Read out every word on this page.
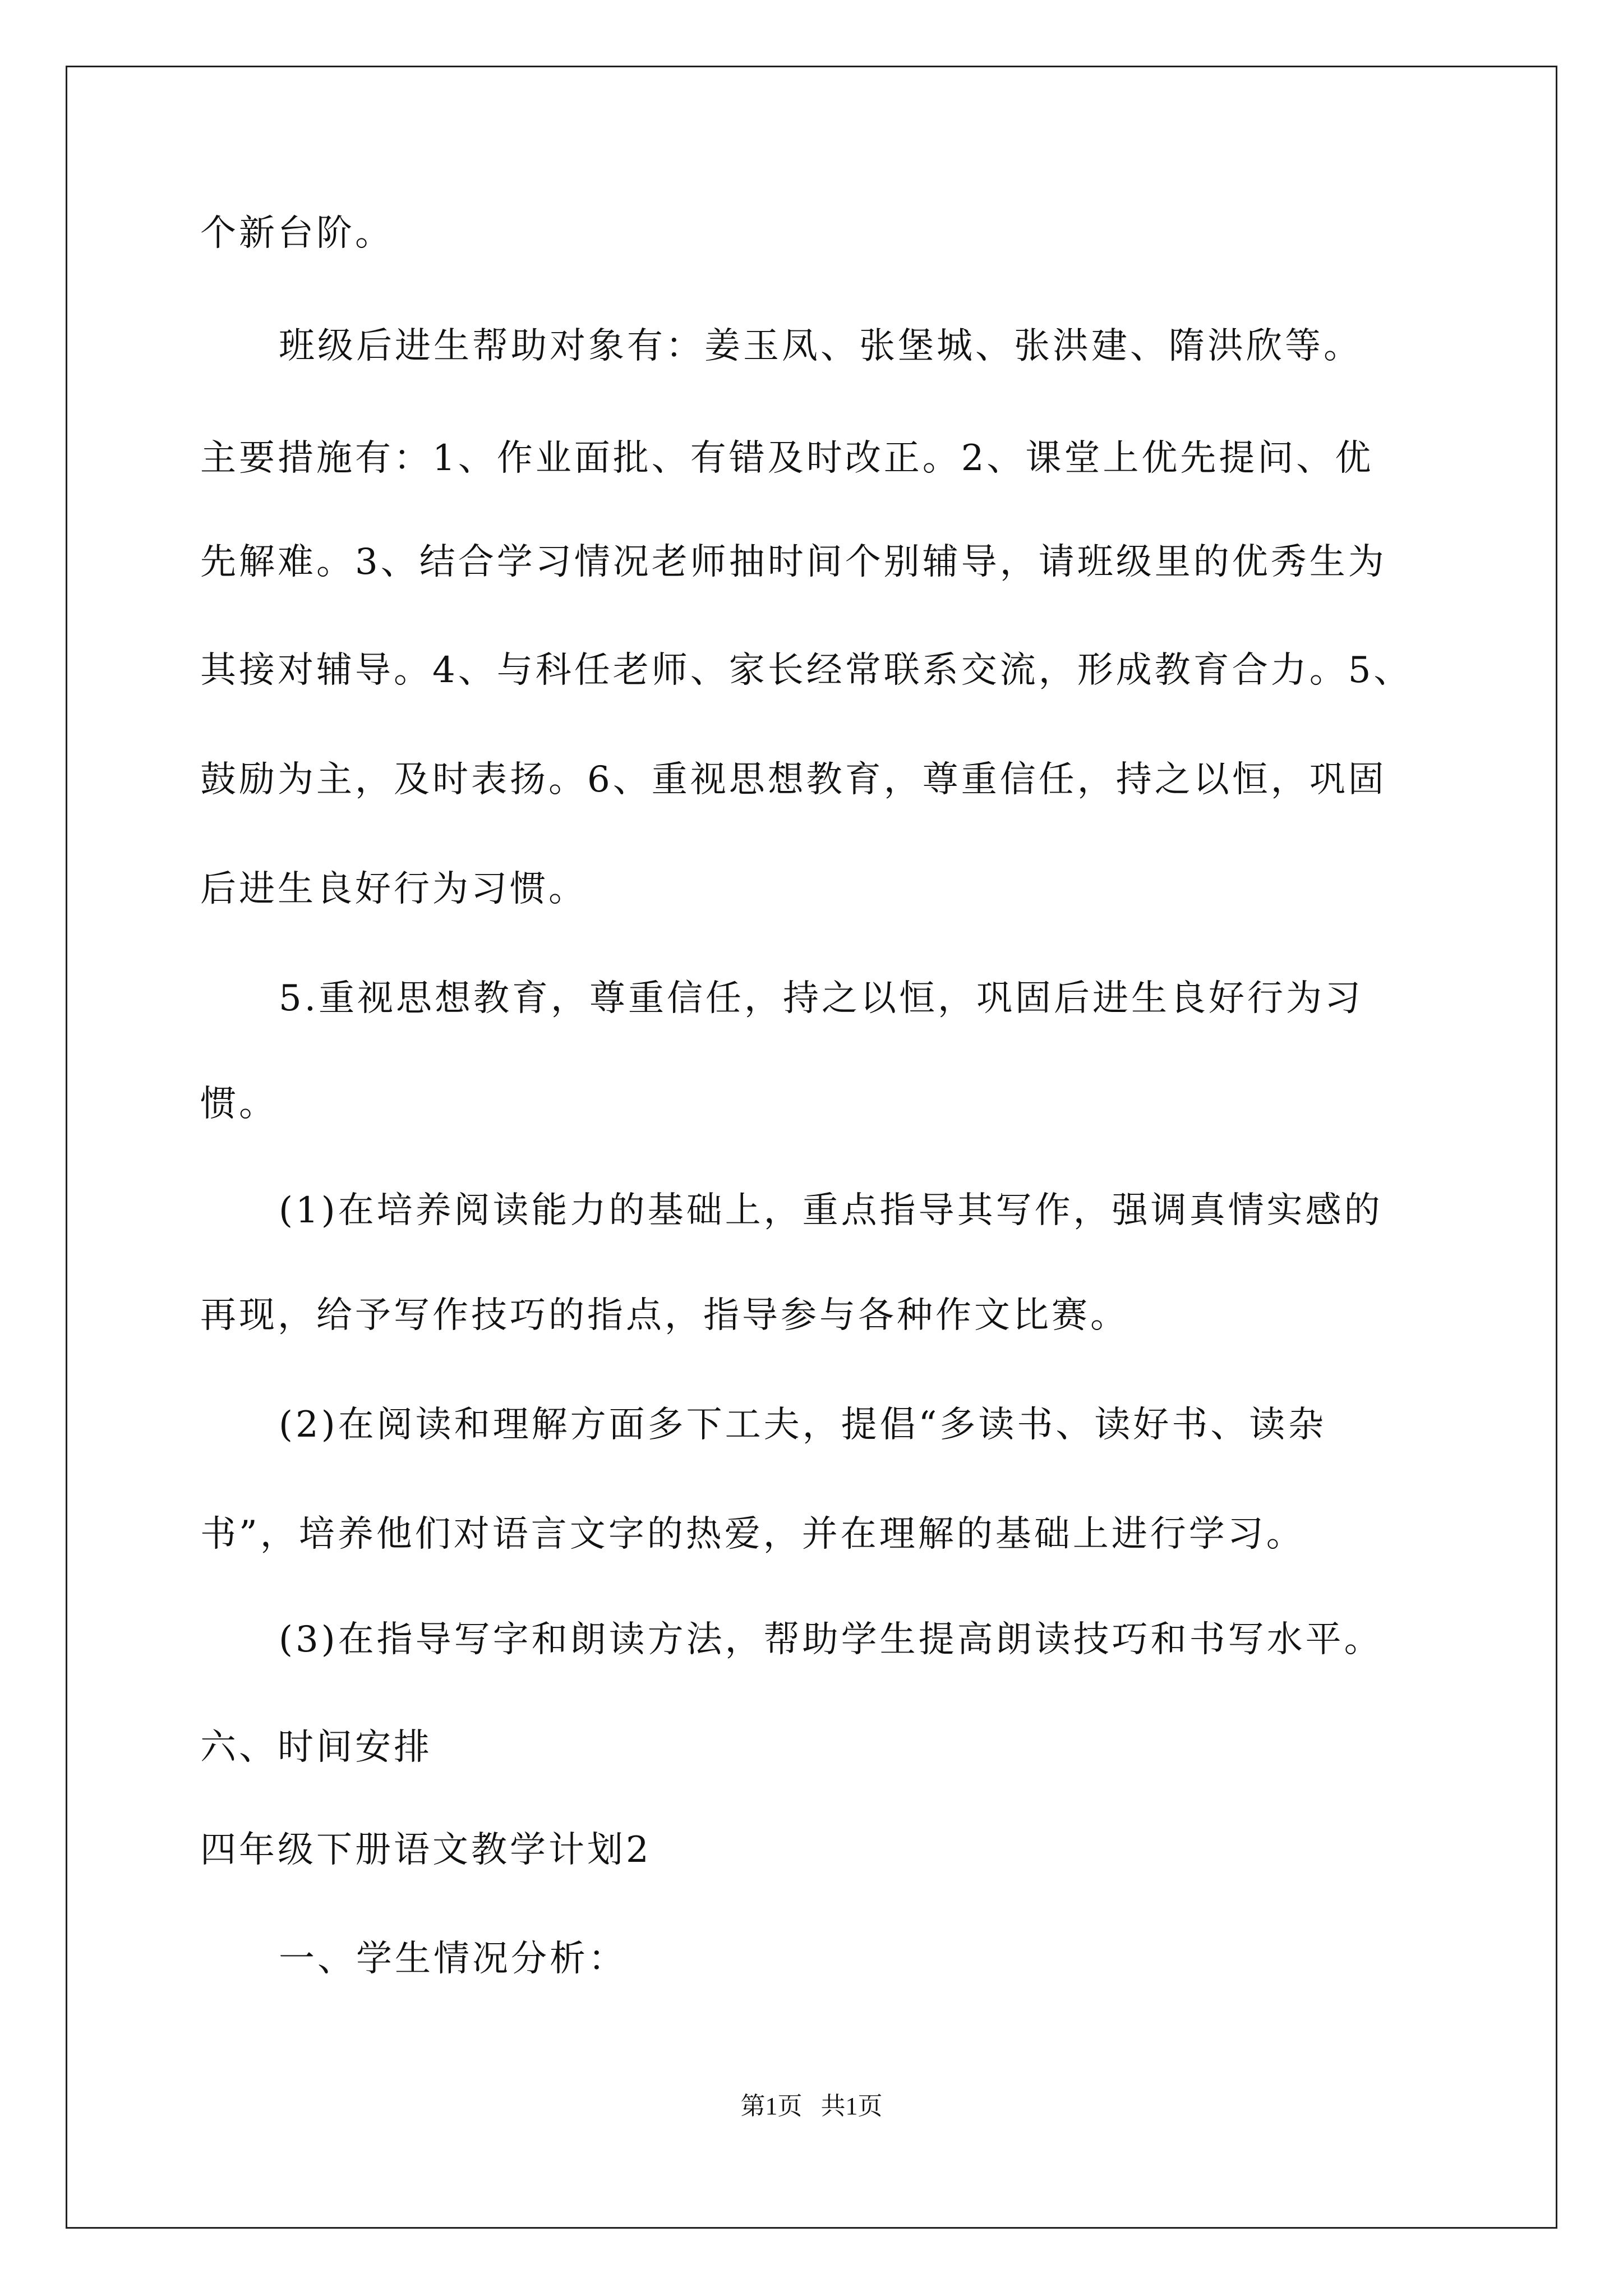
个新台阶。
班级后进生帮助对象有：姜玉凤、张堡城、张洪建、隋洪欣等。
主要措施有：1、作业面批、有错及时改正。2、课堂上优先提问、优
先解难。3、结合学习情况老师抽时间个别辅导，请班级里的优秀生为
其接对辅导。4、与科任老师、家长经常联系交流，形成教育合力。5、
鼓励为主，及时表扬。6、重视思想教育，尊重信任，持之以恒，巩固
后进生良好行为习惯。
5.重视思想教育，尊重信任，持之以恒，巩固后进生良好行为习
惯。
(1)在培养阅读能力的基础上，重点指导其写作，强调真情实感的
再现，给予写作技巧的指点，指导参与各种作文比赛。
(2)在阅读和理解方面多下工夫，提倡“多读书、读好书、读杂
书”，培养他们对语言文字的热爱，并在理解的基础上进行学习。
(3)在指导写字和朗读方法，帮助学生提高朗读技巧和书写水平。
六、时间安排
四年级下册语文教学计划2
一、学生情况分析：
第1页   共1页
